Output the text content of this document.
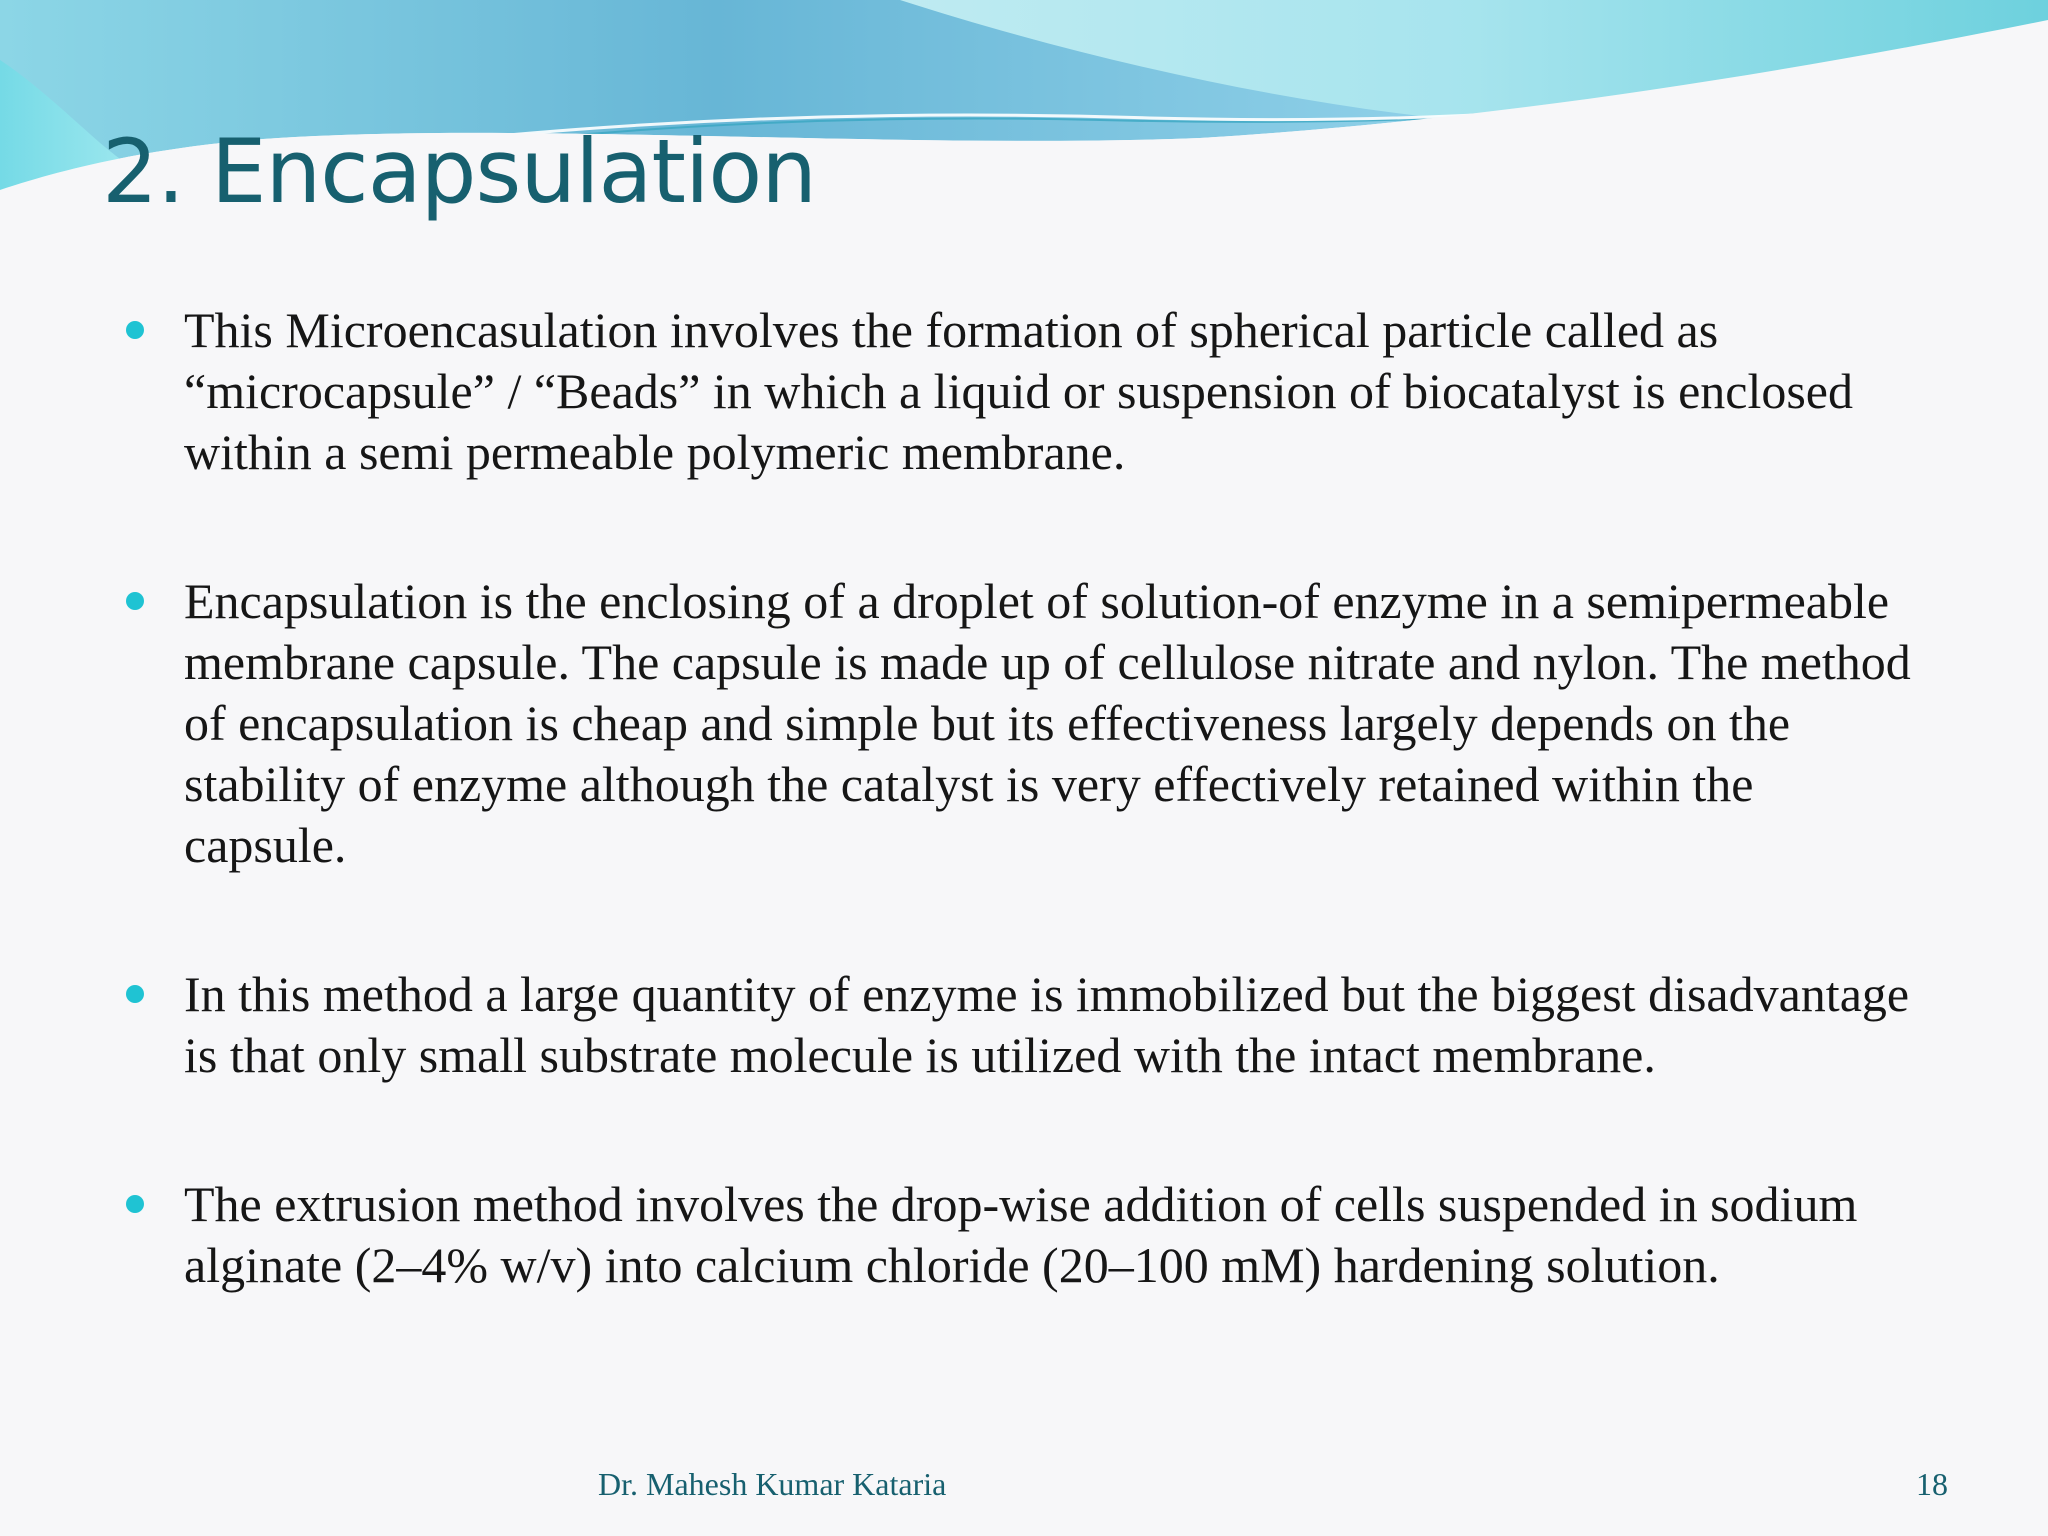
2. Encapsulation
This Microencasulation involves the formation of spherical particle called as “microcapsule” / “Beads” in which a liquid or suspension of biocatalyst is enclosed within a semi permeable polymeric membrane.
Encapsulation is the enclosing of a droplet of solution-of enzyme in a semipermeable membrane capsule. The capsule is made up of cellulose nitrate and nylon. The method of encapsulation is cheap and simple but its effectiveness largely depends on the stability of enzyme although the catalyst is very effectively retained within the capsule.
In this method a large quantity of enzyme is immobilized but the biggest disadvantage is that only small substrate molecule is utilized with the intact membrane.
The extrusion method involves the drop-wise addition of cells suspended in sodium alginate (2–4% w/v) into calcium chloride (20–100 mM) hardening solution.
Dr. Mahesh Kumar Kataria	18
